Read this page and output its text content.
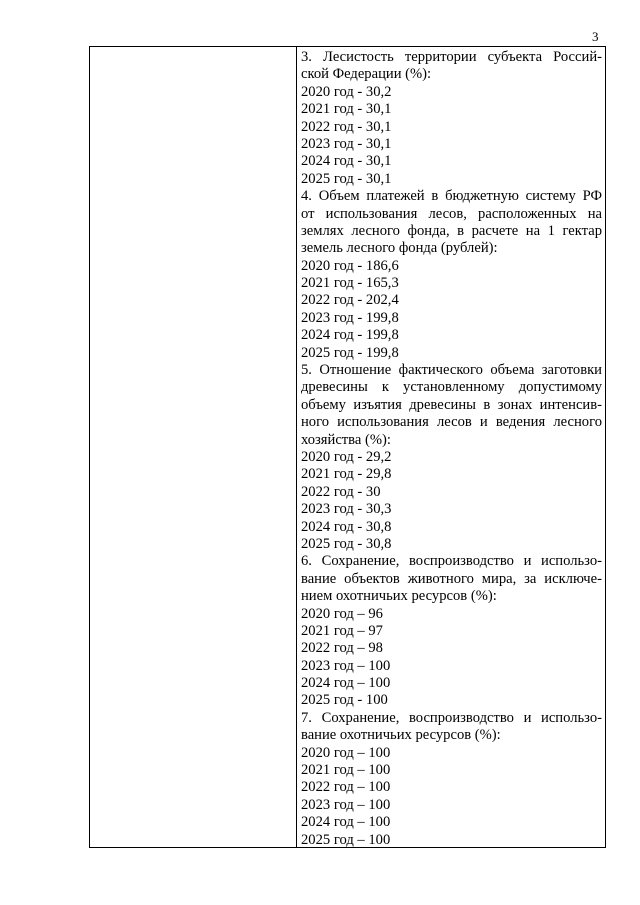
3
3. Лесистость территории субъекта Россий-
ской Федерации (%):
2020 год - 30,2
2021 год - 30,1
2022 год - 30,1
2023 год - 30,1
2024 год - 30,1
2025 год - 30,1
4. Объем платежей в бюджетную систему РФ
от использования лесов, расположенных на
землях лесного фонда, в расчете на 1 гектар
земель лесного фонда (рублей):
2020 год - 186,6
2021 год - 165,3
2022 год - 202,4
2023 год - 199,8
2024 год - 199,8
2025 год - 199,8
5. Отношение фактического объема заготовки
древесины к установленному допустимому
объему изъятия древесины в зонах интенсив-
ного использования лесов и ведения лесного
хозяйства (%):
2020 год - 29,2
2021 год - 29,8
2022 год - 30
2023 год - 30,3
2024 год - 30,8
2025 год - 30,8
6. Сохранение, воспроизводство и использо-
вание объектов животного мира, за исключе-
нием охотничьих ресурсов (%):
2020 год – 96
2021 год – 97
2022 год – 98
2023 год – 100
2024 год – 100
2025 год - 100
7. Сохранение, воспроизводство и использо-
вание охотничьих ресурсов (%):
2020 год – 100
2021 год – 100
2022 год – 100
2023 год – 100
2024 год – 100
2025 год – 100
